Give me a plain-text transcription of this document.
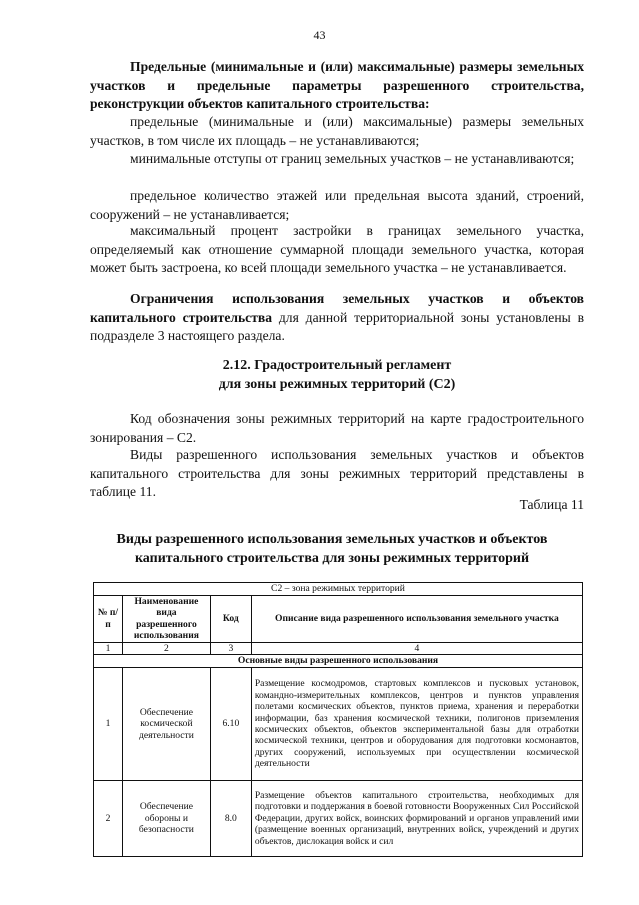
43
Предельные (минимальные и (или) максимальные) размеры земельных участков и предельные параметры разрешенного строительства, реконструкции объектов капитального строительства:
предельные (минимальные и (или) максимальные) размеры земельных участков, в том числе их площадь – не устанавливаются;
минимальные отступы от границ земельных участков – не устанавливаются;
предельное количество этажей или предельная высота зданий, строений, сооружений – не устанавливается;
максимальный процент застройки в границах земельного участка, определяемый как отношение суммарной площади земельного участка, которая может быть застроена, ко всей площади земельного участка – не устанавливается.
Ограничения использования земельных участков и объектов капитального строительства для данной территориальной зоны установлены в подразделе 3 настоящего раздела.
2.12. Градостроительный регламент
для зоны режимных территорий (С2)
Код обозначения зоны режимных территорий на карте градостроительного зонирования – С2.
Виды разрешенного использования земельных участков и объектов капитального строительства для зоны режимных территорий представлены в таблице 11.
Таблица 11
Виды разрешенного использования земельных участков и объектов
капитального строительства для зоны режимных территорий
С2 – зона режимных территорий			
№ п/п	Наименование вида разрешенного использования	Код	Описание вида разрешенного использования земельного участка
1	2	3	4
Основные виды разрешенного использования			
1	Обеспечение космической деятельности	6.10	Размещение космодромов, стартовых комплексов и пусковых установок, командно-измерительных комплексов, центров и пунктов управления полетами космических объектов, пунктов приема, хранения и переработки информации, баз хранения космической техники, полигонов приземления космических объектов, объектов экспериментальной базы для отработки космической техники, центров и оборудования для подготовки космонавтов, других сооружений, используемых при осуществлении космической деятельности
2	Обеспечение обороны и безопасности	8.0	Размещение объектов капитального строительства, необходимых для подготовки и поддержания в боевой готовности Вооруженных Сил Российской Федерации, других войск, воинских формирований и органов управлений ими (размещение военных организаций, внутренних войск, учреждений и других объектов, дислокация войск и сил
